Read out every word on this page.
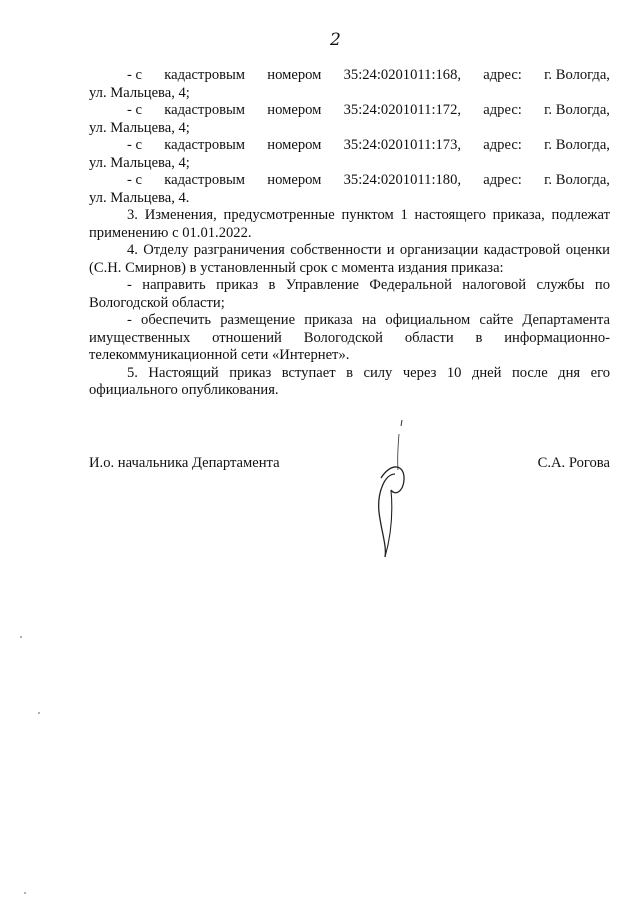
2
- с кадастровым номером 35:24:0201011:168, адрес: г. Вологда,

ул. Мальцева, 4;

- с кадастровым номером 35:24:0201011:172, адрес: г. Вологда,

ул. Мальцева, 4;

- с кадастровым номером 35:24:0201011:173, адрес: г. Вологда,

ул. Мальцева, 4;

- с кадастровым номером 35:24:0201011:180, адрес: г. Вологда,

ул. Мальцева, 4.

3. Изменения, предусмотренные пунктом 1 настоящего приказа, подлежат применению с 01.01.2022.

4. Отделу разграничения собственности и организации кадастровой оценки (С.Н. Смирнов) в установленный срок с момента издания приказа:

- направить приказ в Управление Федеральной налоговой службы по Вологодской области;

- обеспечить размещение приказа на официальном сайте Департамента имущественных отношений Вологодской области в информационно-телекоммуникационной сети «Интернет».

5. Настоящий приказ вступает в силу через 10 дней после дня его официального опубликования.

И.о. начальника Департамента	С.А. Рогова
